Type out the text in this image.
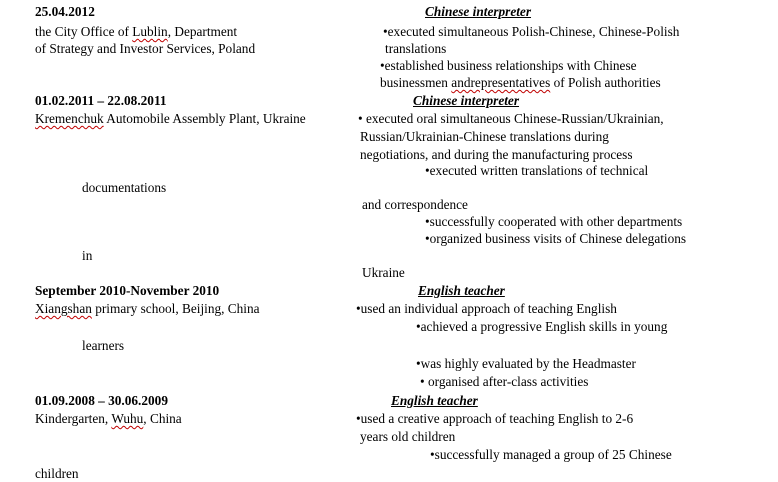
25.04.2012	Chinese interpreter
the City Office of Lublin, Department
of Strategy and Investor Services, Poland
•executed simultaneous Polish-Chinese, Chinese-Polish
translations
•established business relationships with Chinese
businessmen andrepresentatives of Polish authorities
01.02.2011 – 22.08.2011	Chinese interpreter
Kremenchuk Automobile Assembly Plant, Ukraine	• executed oral simultaneous Chinese-Russian/Ukrainian,
Russian/Ukrainian-Chinese translations during
negotiations, and during the manufacturing process
•executed written translations of technical
documentations
and correspondence
•successfully cooperated with other departments
•organized business visits of Chinese delegations
in
Ukraine
September 2010-November 2010	English teacher
Xiangshan primary school, Beijing, China	•used an individual approach of teaching English
•achieved a progressive English skills in young
learners
•was highly evaluated by the Headmaster
• organised after-class activities
01.09.2008 – 30.06.2009	English teacher
Kindergarten, Wuhu, China	•used a creative approach of teaching English to 2-6
years old children
•successfully managed a group of 25 Chinese
children
